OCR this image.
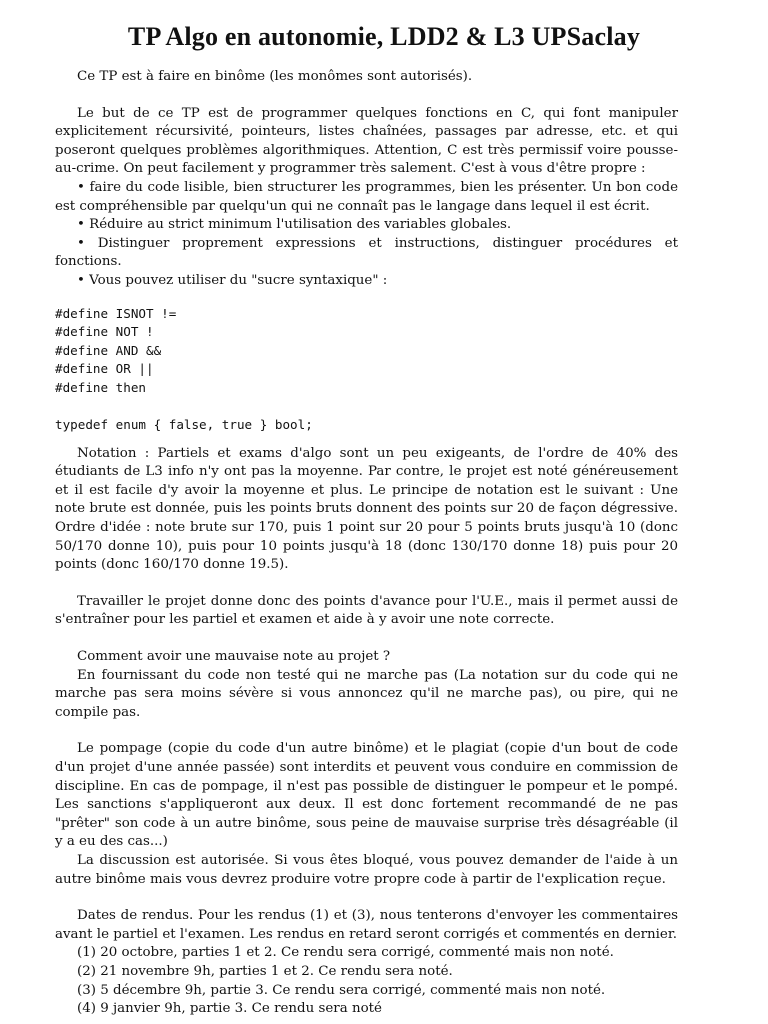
TP Algo en autonomie, LDD2 & L3 UPSaclay

Ce TP est à faire en binôme (les monômes sont autorisés).

Le but de ce TP est de programmer quelques fonctions en C, qui font manipuler explicitement récursivité, pointeurs, listes chaînées, passages par adresse, etc. et qui poseront quelques problèmes algorithmiques. Attention, C est très permissif voire pousse-au-crime. On peut facilement y programmer très salement. C'est à vous d'être propre :

• faire du code lisible, bien structurer les programmes, bien les présenter. Un bon code est compréhensible par quelqu'un qui ne connaît pas le langage dans lequel il est écrit.

• Réduire au strict minimum l'utilisation des variables globales.

• Distinguer proprement expressions et instructions, distinguer procédures et fonctions.

• Vous pouvez utiliser du "sucre syntaxique" :

#define ISNOT !=
#define NOT !
#define AND &&
#define OR ||
#define then
typedef enum { false, true } bool;

Notation : Partiels et exams d'algo sont un peu exigeants, de l'ordre de 40% des étudiants de L3 info n'y ont pas la moyenne. Par contre, le projet est noté généreusement et il est facile d'y avoir la moyenne et plus. Le principe de notation est le suivant : Une note brute est donnée, puis les points bruts donnent des points sur 20 de façon dégressive. Ordre d'idée : note brute sur 170, puis 1 point sur 20 pour 5 points bruts jusqu'à 10 (donc 50/170 donne 10), puis pour 10 points jusqu'à 18 (donc 130/170 donne 18) puis pour 20 points (donc 160/170 donne 19.5).

Travailler le projet donne donc des points d'avance pour l'U.E., mais il permet aussi de s'entraîner pour les partiel et examen et aide à y avoir une note correcte.

Comment avoir une mauvaise note au projet ?

En fournissant du code non testé qui ne marche pas (La notation sur du code qui ne marche pas sera moins sévère si vous annoncez qu'il ne marche pas), ou pire, qui ne compile pas.

Le pompage (copie du code d'un autre binôme) et le plagiat (copie d'un bout de code d'un projet d'une année passée) sont interdits et peuvent vous conduire en commission de discipline. En cas de pompage, il n'est pas possible de distinguer le pompeur et le pompé. Les sanctions s'appliqueront aux deux. Il est donc fortement recommandé de ne pas "prêter" son code à un autre binôme, sous peine de mauvaise surprise très désagréable (il y a eu des cas...)

La discussion est autorisée. Si vous êtes bloqué, vous pouvez demander de l'aide à un autre binôme mais vous devrez produire votre propre code à partir de l'explication reçue.

Dates de rendus. Pour les rendus (1) et (3), nous tenterons d'envoyer les commentaires avant le partiel et l'examen. Les rendus en retard seront corrigés et commentés en dernier.

(1) 20 octobre, parties 1 et 2. Ce rendu sera corrigé, commenté mais non noté.

(2) 21 novembre 9h, parties 1 et 2. Ce rendu sera noté.

(3) 5 décembre 9h, partie 3. Ce rendu sera corrigé, commenté mais non noté.

(4) 9 janvier 9h, partie 3. Ce rendu sera noté
